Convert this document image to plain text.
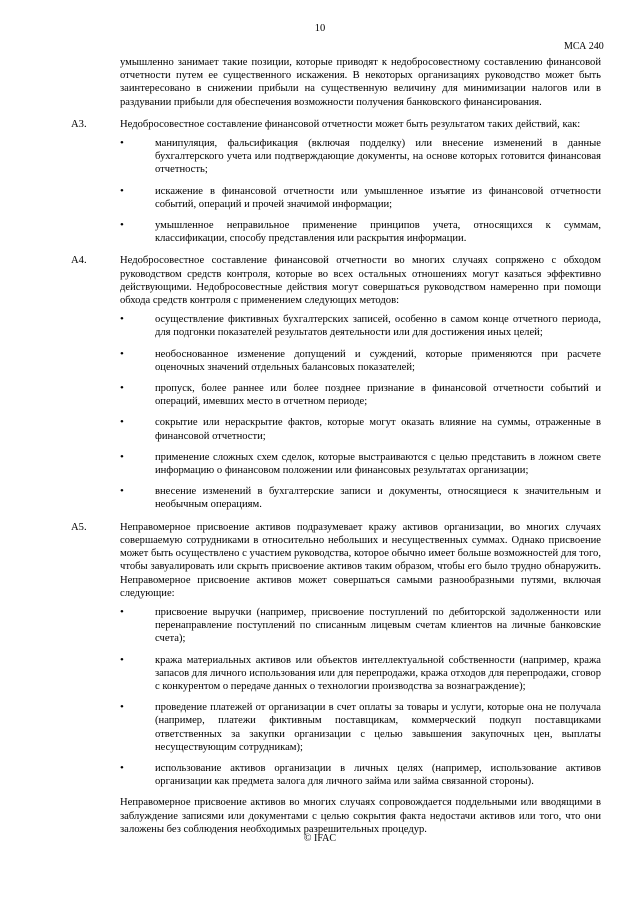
10
МСА 240

умышленно занимает такие позиции, которые приводят к недобросовестному составлению финансовой отчетности путем ее существенного искажения. В некоторых организациях руководство может быть заинтересовано в снижении прибыли на существенную величину для минимизации налогов или в раздувании прибыли для обеспечения возможности получения банковского финансирования.

А3.	Недобросовестное составление финансовой отчетности может быть результатом таких действий, как:

•	манипуляция, фальсификация (включая подделку) или внесение изменений в данные бухгалтерского учета или подтверждающие документы, на основе которых готовится финансовая отчетность;
•	искажение в финансовой отчетности или умышленное изъятие из финансовой отчетности событий, операций и прочей значимой информации;
•	умышленное неправильное применение принципов учета, относящихся к суммам, классификации, способу представления или раскрытия информации.
А4.	Недобросовестное составление финансовой отчетности во многих случаях сопряжено с обходом руководством средств контроля, которые во всех остальных отношениях могут казаться эффективно действующими. Недобросовестные действия могут совершаться руководством намеренно при помощи обхода средств контроля с применением следующих методов:

•	осуществление фиктивных бухгалтерских записей, особенно в самом конце отчетного периода, для подгонки показателей результатов деятельности или для достижения иных целей;
•	необоснованное изменение допущений и суждений, которые применяются при расчете оценочных значений отдельных балансовых показателей;
•	пропуск, более раннее или более позднее признание в финансовой отчетности событий и операций, имевших место в отчетном периоде;
•	сокрытие или нераскрытие фактов, которые могут оказать влияние на суммы, отраженные в финансовой отчетности;
•	применение сложных схем сделок, которые выстраиваются с целью представить в ложном свете информацию о финансовом положении или финансовых результатах организации;
•	внесение изменений в бухгалтерские записи и документы, относящиеся к значительным и необычным операциям.
А5.	Неправомерное присвоение активов подразумевает кражу активов организации, во многих случаях совершаемую сотрудниками в относительно небольших и несущественных суммах. Однако присвоение может быть осуществлено с участием руководства, которое обычно имеет больше возможностей для того, чтобы завуалировать или скрыть присвоение активов таким образом, чтобы его было трудно обнаружить. Неправомерное присвоение активов может совершаться самыми разнообразными путями, включая следующие:

•	присвоение выручки (например, присвоение поступлений по дебиторской задолженности или перенаправление поступлений по списанным лицевым счетам клиентов на личные банковские счета);
•	кража материальных активов или объектов интеллектуальной собственности (например, кража запасов для личного использования или для перепродажи, кража отходов для перепродажи, сговор с конкурентом о передаче данных о технологии производства за вознаграждение);
•	проведение платежей от организации в счет оплаты за товары и услуги, которые она не получала (например, платежи фиктивным поставщикам, коммерческий подкуп поставщиками ответственных за закупки организации с целью завышения закупочных цен, выплаты несуществующим сотрудникам);
•	использование активов организации в личных целях (например, использование активов организации как предмета залога для личного займа или займа связанной стороны).

Неправомерное присвоение активов во многих случаях сопровождается поддельными или вводящими в заблуждение записями или документами с целью сокрытия факта недостачи активов или того, что они заложены без соблюдения необходимых разрешительных процедур.

© IFAC
